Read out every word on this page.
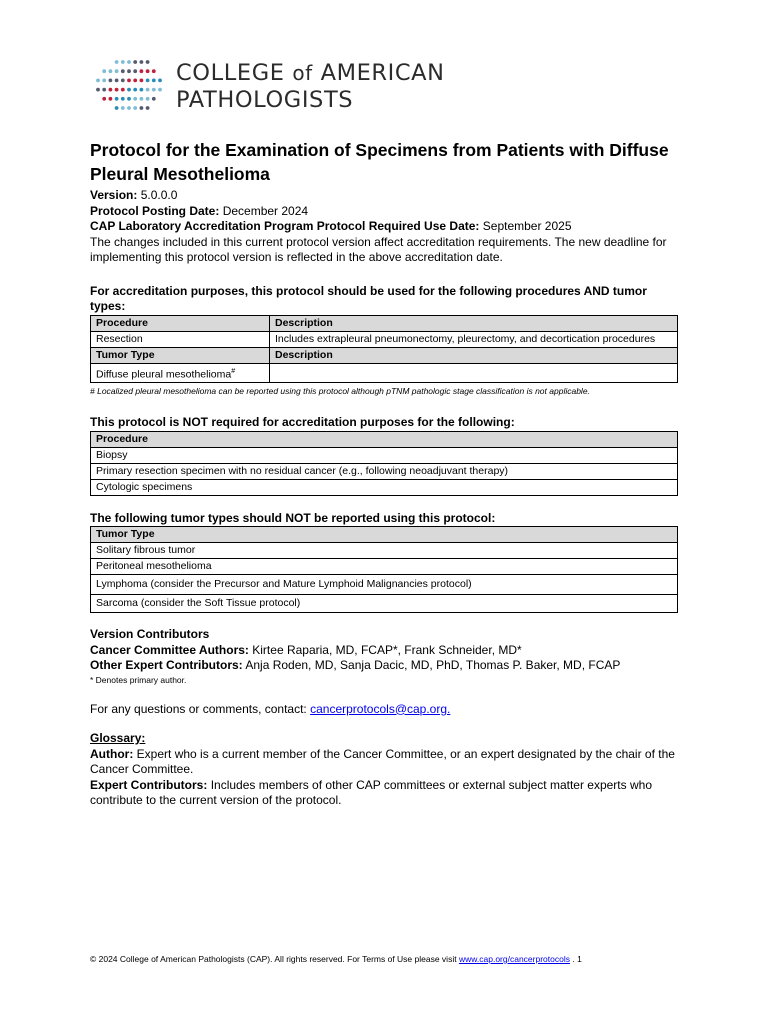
COLLEGE of AMERICAN
PATHOLOGISTS
Protocol for the Examination of Specimens from Patients with Diffuse Pleural Mesothelioma
Version: 5.0.0.0
Protocol Posting Date: December 2024
CAP Laboratory Accreditation Program Protocol Required Use Date: September 2025

The changes included in this current protocol version affect accreditation requirements. The new deadline for implementing this protocol version is reflected in the above accreditation date.

For accreditation purposes, this protocol should be used for the following procedures AND tumor types:
Procedure	Description
Resection	Includes extrapleural pneumonectomy, pleurectomy, and decortication procedures
Tumor Type	Description
Diffuse pleural mesothelioma#	
# Localized pleural mesothelioma can be reported using this protocol although pTNM pathologic stage classification is not applicable.
This protocol is NOT required for accreditation purposes for the following:
Procedure
Biopsy
Primary resection specimen with no residual cancer (e.g., following neoadjuvant therapy)
Cytologic specimens
The following tumor types should NOT be reported using this protocol:
Tumor Type
Solitary fibrous tumor
Peritoneal mesothelioma
Lymphoma (consider the Precursor and Mature Lymphoid Malignancies protocol)
Sarcoma (consider the Soft Tissue protocol)

Version Contributors

Cancer Committee Authors: Kirtee Raparia, MD, FCAP*, Frank Schneider, MD*

Other Expert Contributors: Anja Roden, MD, Sanja Dacic, MD, PhD, Thomas P. Baker, MD, FCAP

* Denotes primary author.

For any questions or comments, contact: cancerprotocols@cap.org.

Glossary:

Author: Expert who is a current member of the Cancer Committee, or an expert designated by the chair of the Cancer Committee.

Expert Contributors: Includes members of other CAP committees or external subject matter experts who contribute to the current version of the protocol.

© 2024 College of American Pathologists (CAP). All rights reserved. For Terms of Use please visit www.cap.org/cancerprotocols . 1
